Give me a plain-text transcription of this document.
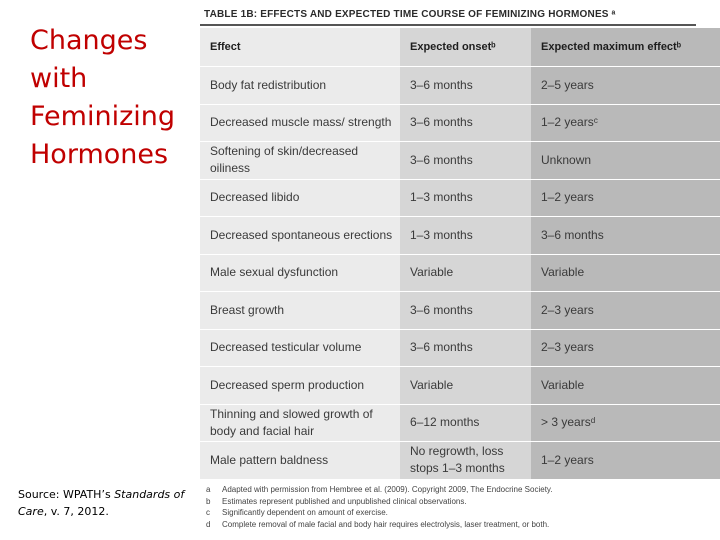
Changes
with
Feminizing
Hormones
Source: WPATH’s Standards of Care, v. 7, 2012.
TABLE 1B: EFFECTS AND EXPECTED TIME COURSE OF FEMINIZING HORMONES ᵃ
Effect	Expected onsetᵇ	Expected maximum effectᵇ
Body fat redistribution	3–6 months	2–5 years
Decreased muscle mass/ strength	3–6 months	1–2 yearsᶜ
Softening of skin/decreased oiliness	3–6 months	Unknown
Decreased libido	1–3 months	1–2 years
Decreased spontaneous erections	1–3 months	3–6 months
Male sexual dysfunction	Variable	Variable
Breast growth	3–6 months	2–3 years
Decreased testicular volume	3–6 months	2–3 years
Decreased sperm production	Variable	Variable
Thinning and slowed growth of body and facial hair	6–12 months	> 3 yearsᵈ
Male pattern baldness	No regrowth, loss stops 1–3 months	1–2 years
a	Adapted with permission from Hembree et al. (2009). Copyright 2009, The Endocrine Society.
b	Estimates represent published and unpublished clinical observations.
c	Significantly dependent on amount of exercise.
d	Complete removal of male facial and body hair requires electrolysis, laser treatment, or both.
